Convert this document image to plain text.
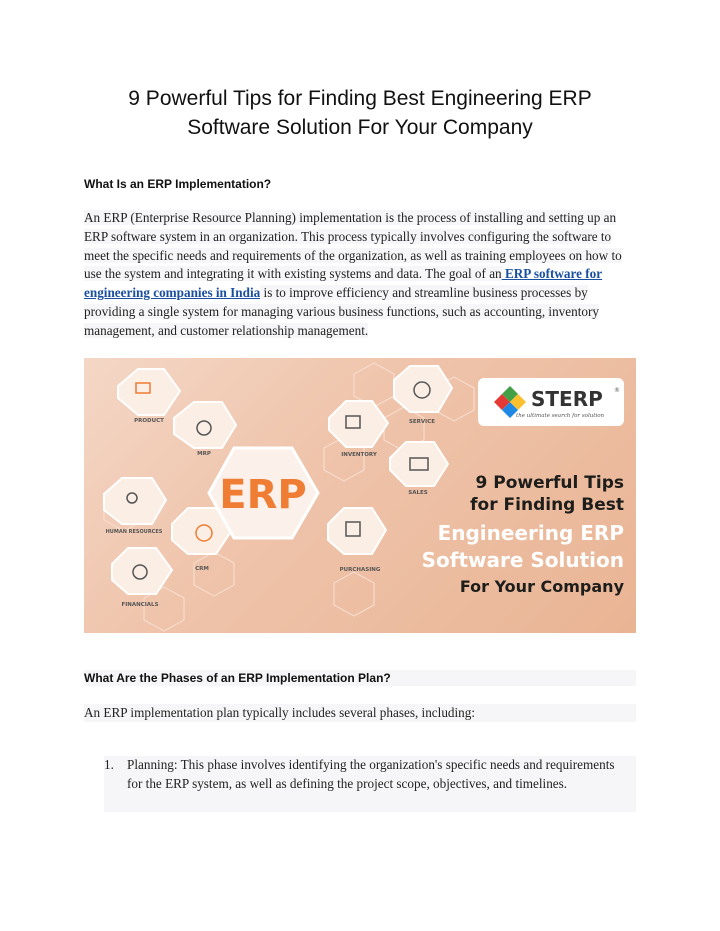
9 Powerful Tips for Finding Best Engineering ERP
Software Solution For Your Company
What Is an ERP Implementation?

An ERP (Enterprise Resource Planning) implementation is the process of installing and setting up an ERP software system in an organization. This process typically involves configuring the software to meet the specific needs and requirements of the organization, as well as training employees on how to use the system and integrating it with existing systems and data. The goal of an ERP software for engineering companies in India is to improve efficiency and streamline business processes by providing a single system for managing various business functions, such as accounting, inventory management, and customer relationship management.

PRODUCT
MRP	INVENTORY
SERVICE
SALES
HUMAN RESOURCES
CRM	PURCHASING
FINANCIALS
ERP
STERP ®
the ultimate search for solution
9 Powerful Tips
for Finding Best
Engineering ERP
Software Solution
For Your Company
What Are the Phases of an ERP Implementation Plan?
An ERP implementation plan typically includes several phases, including:
1. Planning: This phase involves identifying the organization's specific needs and requirements for the ERP system, as well as defining the project scope, objectives, and timelines.
